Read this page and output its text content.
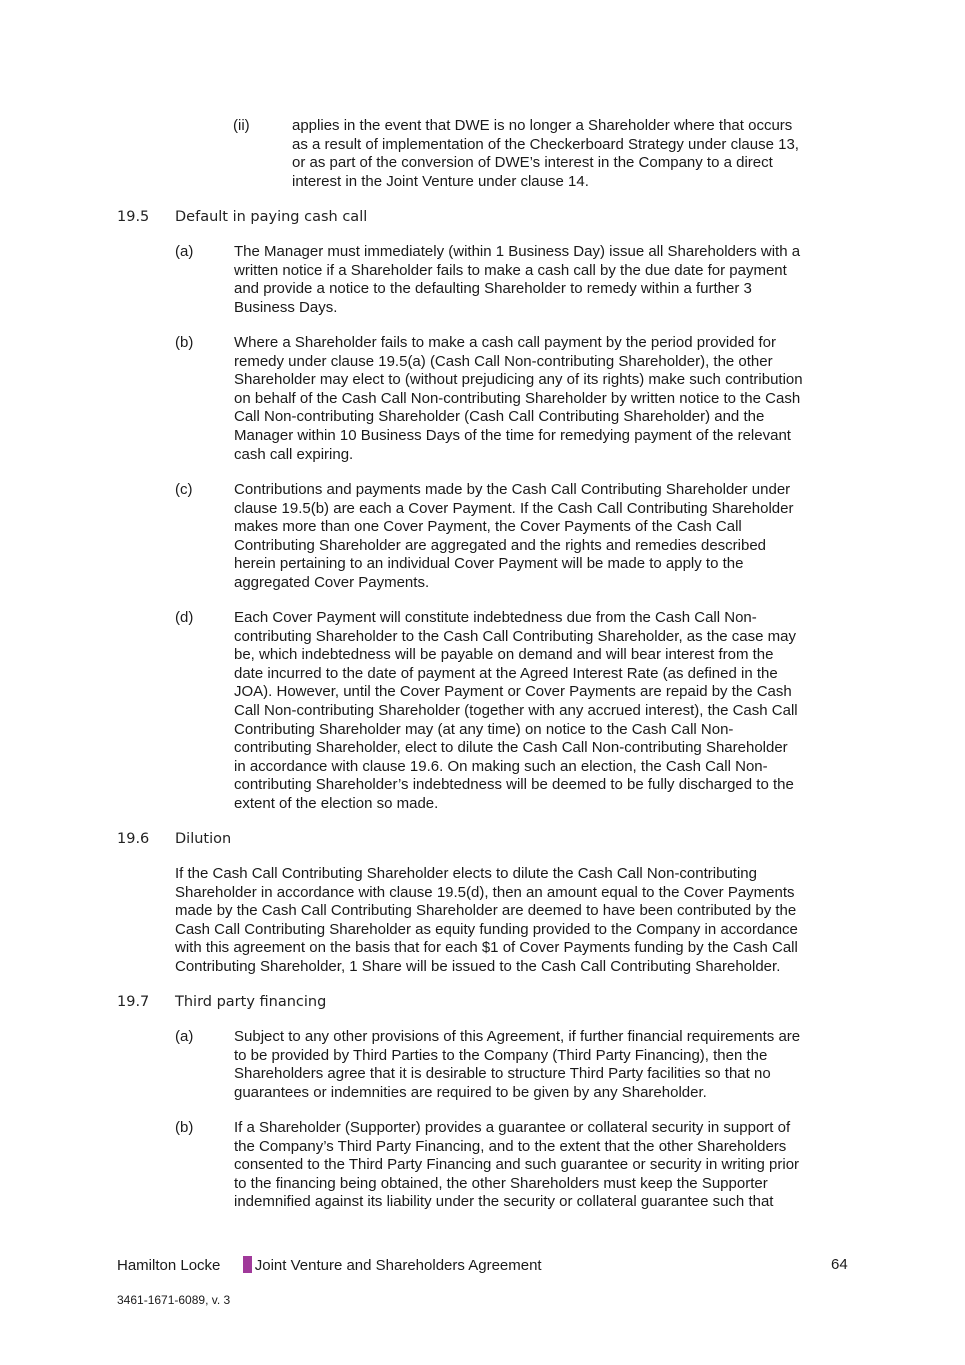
(ii)	applies in the event that DWE is no longer a Shareholder where that occurs
as a result of implementation of the Checkerboard Strategy under clause 13,
or as part of the conversion of DWE’s interest in the Company to a direct
interest in the Joint Venture under clause 14.
19.5 Default in paying cash call
(a)	The Manager must immediately (within 1 Business Day) issue all Shareholders with a
written notice if a Shareholder fails to make a cash call by the due date for payment
and provide a notice to the defaulting Shareholder to remedy within a further 3
Business Days.
(b)	Where a Shareholder fails to make a cash call payment by the period provided for
remedy under clause 19.5(a) (Cash Call Non-contributing Shareholder), the other
Shareholder may elect to (without prejudicing any of its rights) make such contribution
on behalf of the Cash Call Non-contributing Shareholder by written notice to the Cash
Call Non-contributing Shareholder (Cash Call Contributing Shareholder) and the
Manager within 10 Business Days of the time for remedying payment of the relevant
cash call expiring.
(c)	Contributions and payments made by the Cash Call Contributing Shareholder under
clause 19.5(b) are each a Cover Payment. If the Cash Call Contributing Shareholder
makes more than one Cover Payment, the Cover Payments of the Cash Call
Contributing Shareholder are aggregated and the rights and remedies described
herein pertaining to an individual Cover Payment will be made to apply to the
aggregated Cover Payments.
(d)	Each Cover Payment will constitute indebtedness due from the Cash Call Non-
contributing Shareholder to the Cash Call Contributing Shareholder, as the case may
be, which indebtedness will be payable on demand and will bear interest from the
date incurred to the date of payment at the Agreed Interest Rate (as defined in the
JOA). However, until the Cover Payment or Cover Payments are repaid by the Cash
Call Non-contributing Shareholder (together with any accrued interest), the Cash Call
Contributing Shareholder may (at any time) on notice to the Cash Call Non-
contributing Shareholder, elect to dilute the Cash Call Non-contributing Shareholder
in accordance with clause 19.6. On making such an election, the Cash Call Non-
contributing Shareholder’s indebtedness will be deemed to be fully discharged to the
extent of the election so made.
19.6 Dilution
If the Cash Call Contributing Shareholder elects to dilute the Cash Call Non-contributing
Shareholder in accordance with clause 19.5(d), then an amount equal to the Cover Payments
made by the Cash Call Contributing Shareholder are deemed to have been contributed by the
Cash Call Contributing Shareholder as equity funding provided to the Company in accordance
with this agreement on the basis that for each $1 of Cover Payments funding by the Cash Call
Contributing Shareholder, 1 Share will be issued to the Cash Call Contributing Shareholder.
19.7 Third party financing
(a)	Subject to any other provisions of this Agreement, if further financial requirements are
to be provided by Third Parties to the Company (Third Party Financing), then the
Shareholders agree that it is desirable to structure Third Party facilities so that no
guarantees or indemnities are required to be given by any Shareholder.
(b)	If a Shareholder (Supporter) provides a guarantee or collateral security in support of
the Company’s Third Party Financing, and to the extent that the other Shareholders
consented to the Third Party Financing and such guarantee or security in writing prior
to the financing being obtained, the other Shareholders must keep the Supporter
indemnified against its liability under the security or collateral guarantee such that
Hamilton Locke Joint Venture and Shareholders Agreement	64
3461-1671-6089, v. 3
